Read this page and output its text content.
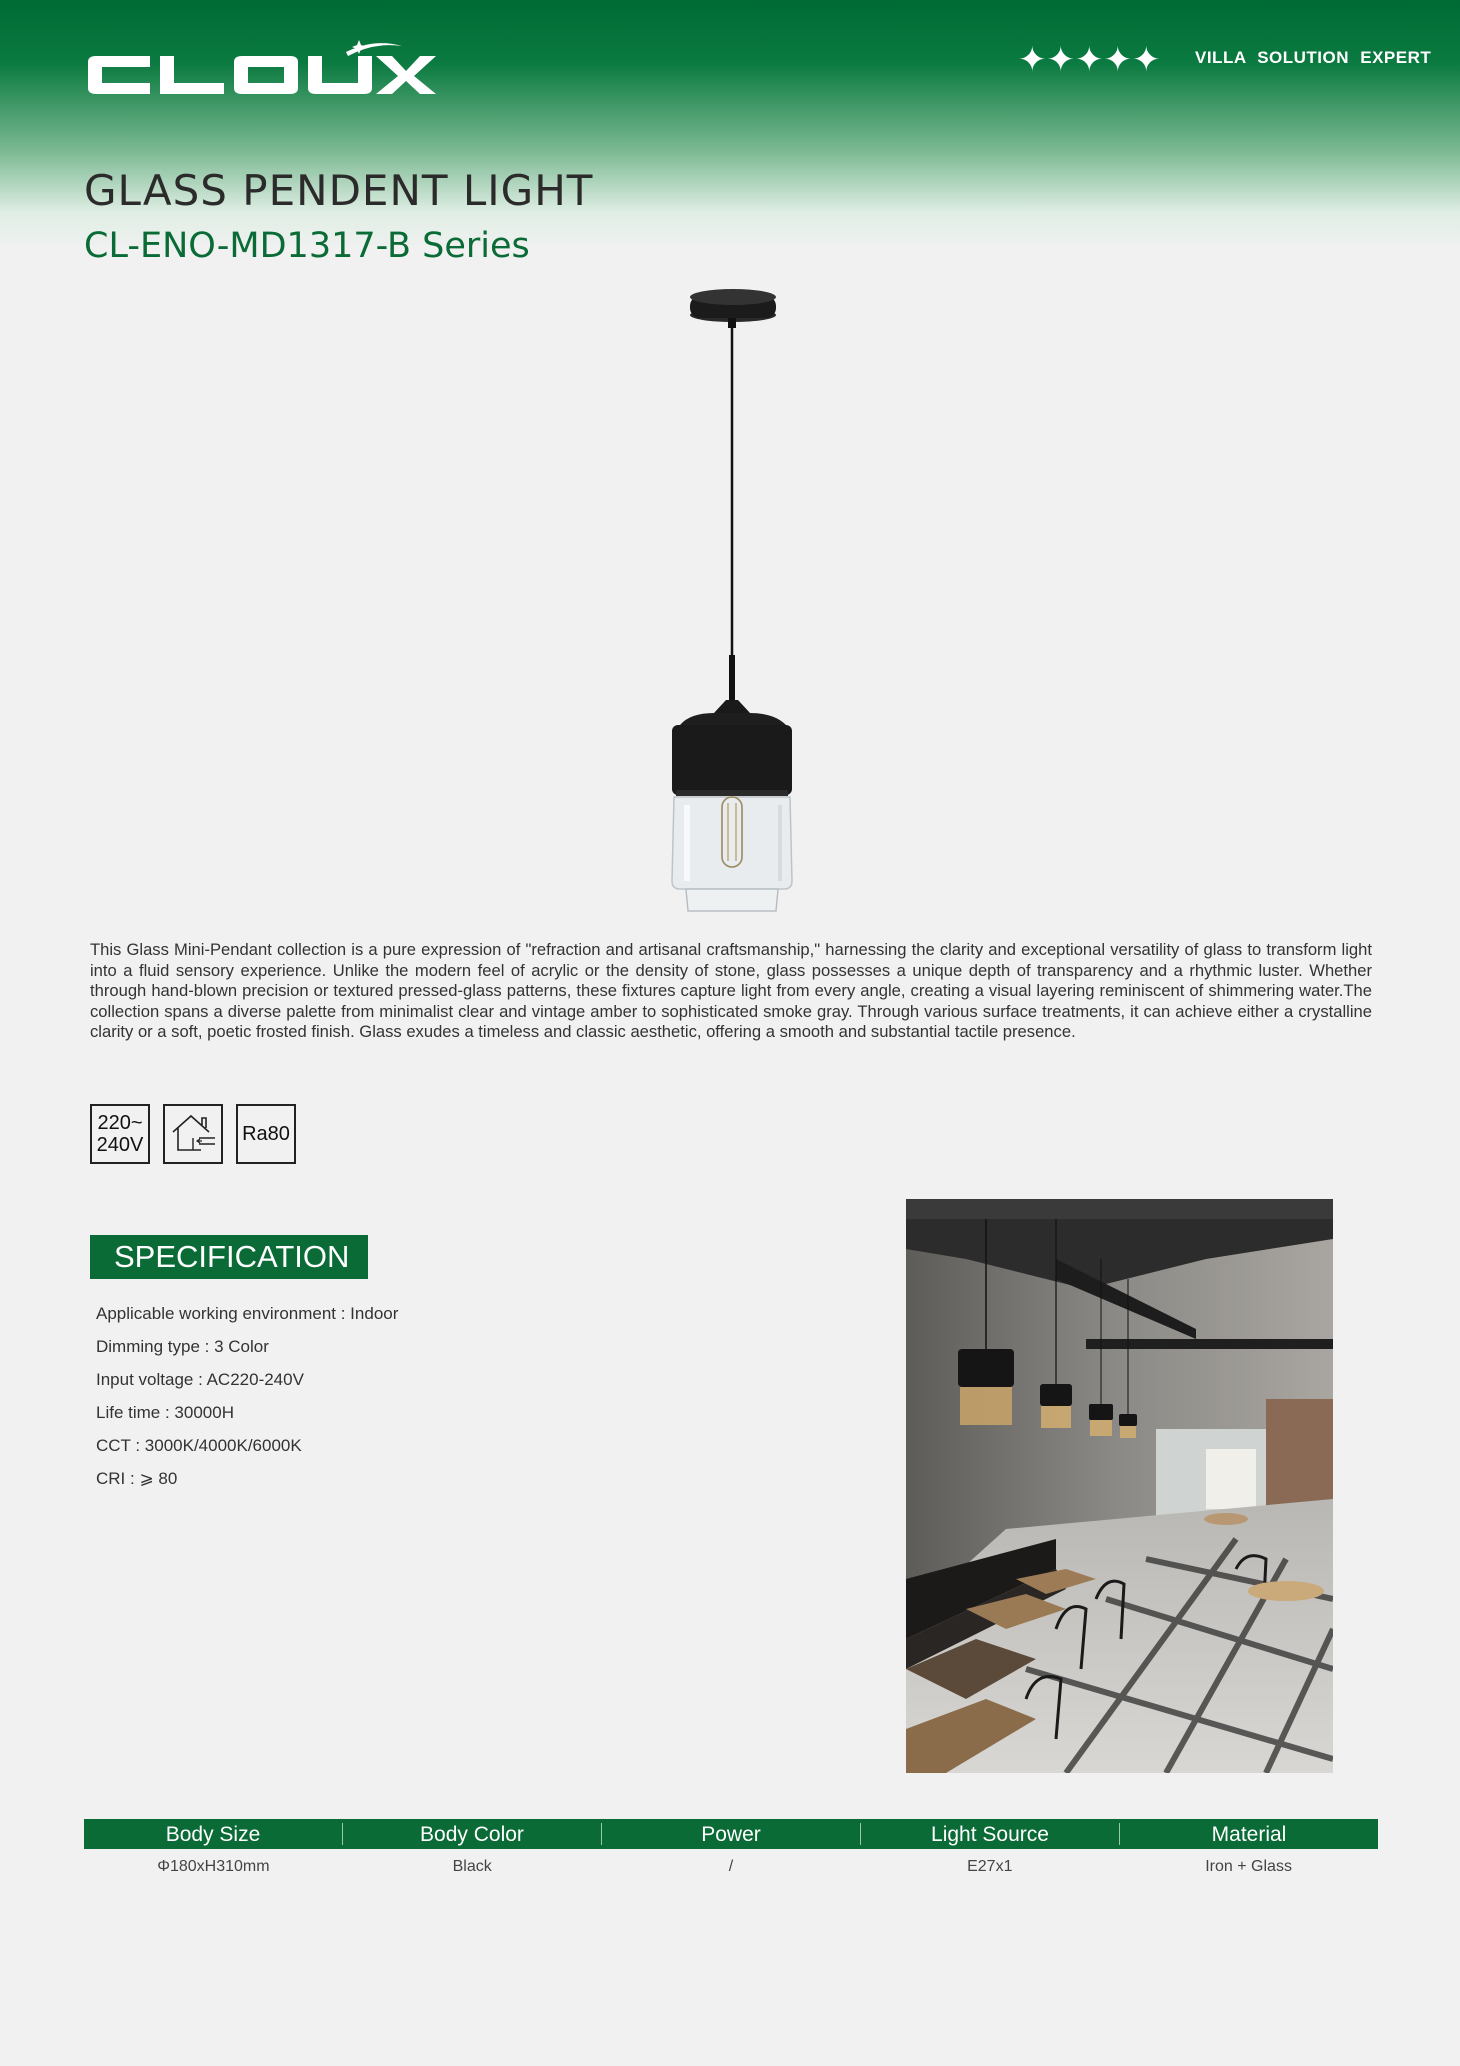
✦✦✦✦✦ VILLA SOLUTION EXPERT
GLASS PENDENT LIGHT
CL-ENO-MD1317-B Series
This Glass Mini-Pendant collection is a pure expression of "refraction and artisanal craftsmanship," harnessing the clarity and exceptional versatility of glass to transform light into a fluid sensory experience. Unlike the modern feel of acrylic or the density of stone, glass possesses a unique depth of transparency and a rhythmic luster. Whether through hand-blown precision or textured pressed-glass patterns, these fixtures capture light from every angle, creating a visual layering reminiscent of shimmering water.The collection spans a diverse palette from minimalist clear and vintage amber to sophisticated smoke gray. Through various surface treatments, it can achieve either a crystalline clarity or a soft, poetic frosted finish. Glass exudes a timeless and classic aesthetic, offering a smooth and substantial tactile presence.
220~
240V	Ra80
SPECIFICATION
Applicable working environment : Indoor
Dimming type : 3 Color
Input voltage : AC220-240V
Life time : 30000H
CCT : 3000K/4000K/6000K
CRI : ⩾ 80
Body Size	Body Color	Power	Light Source	Material
Φ180xH310mm	Black	/	E27x1	Iron + Glass
